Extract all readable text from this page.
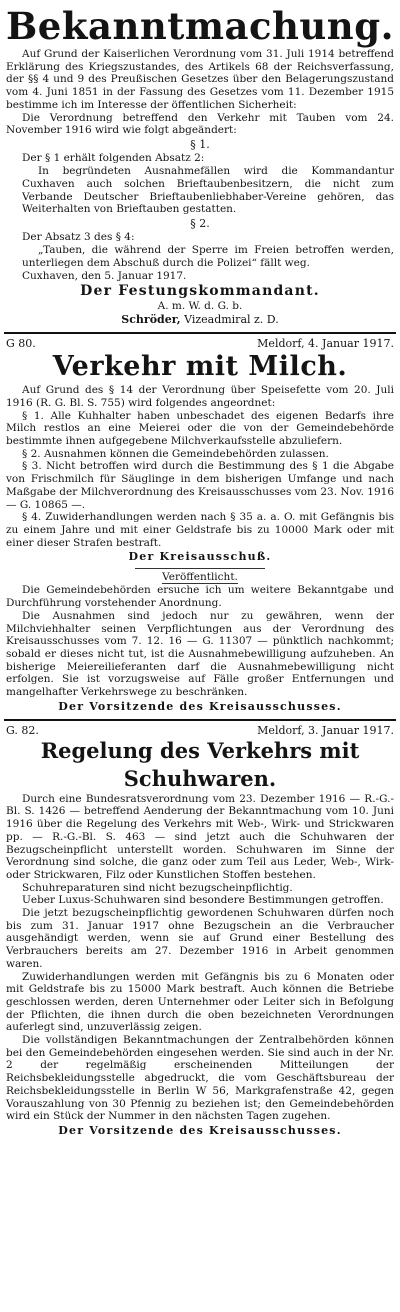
Bekanntmachung.

Auf Grund der Kaiserlichen Verordnung vom 31. Juli 1914 betreffend Erklärung des Kriegszustandes, des Artikels 68 der Reichsverfassung, der §§ 4 und 9 des Preußischen Gesetzes über den Belagerungszustand vom 4. Juni 1851 in der Fassung des Gesetzes vom 11. Dezember 1915 bestimme ich im Interesse der öffentlichen Sicherheit:

Die Verordnung betreffend den Verkehr mit Tauben vom 24. November 1916 wird wie folgt abgeändert:

§ 1.

Der § 1 erhält folgenden Absatz 2:

In begründeten Ausnahmefällen wird die Kommandantur Cuxhaven auch solchen Brieftaubenbesitzern, die nicht zum Verbande Deutscher Brieftaubenliebhaber-Vereine gehören, das Weiterhalten von Brieftauben gestatten.

§ 2.

Der Absatz 3 des § 4:

„Tauben, die während der Sperre im Freien betroffen werden, unterliegen dem Abschuß durch die Polizei“ fällt weg.

Cuxhaven, den 5. Januar 1917.

Der Festungskommandant.
A. m. W. d. G. b.
Schröder, Vizeadmiral z. D.
G 80.	Meldorf, 4. Januar 1917.
Verkehr mit Milch.

Auf Grund des § 14 der Verordnung über Speisefette vom 20. Juli 1916 (R. G. Bl. S. 755) wird folgendes angeordnet:

§ 1. Alle Kuhhalter haben unbeschadet des eigenen Bedarfs ihre Milch restlos an eine Meierei oder die von der Gemeindebehörde bestimmte ihnen aufgegebene Milchverkaufsstelle abzuliefern.

§ 2. Ausnahmen können die Gemeindebehörden zulassen.

§ 3. Nicht betroffen wird durch die Bestimmung des § 1 die Abgabe von Frischmilch für Säuglinge in dem bisherigen Umfange und nach Maßgabe der Milchverordnung des Kreisausschusses vom 23. Nov. 1916 — G. 10865 —.

§ 4. Zuwiderhandlungen werden nach § 35 a. a. O. mit Gefängnis bis zu einem Jahre und mit einer Geldstrafe bis zu 10000 Mark oder mit einer dieser Strafen bestraft.

Der Kreisausschuß.
Veröffentlicht.

Die Gemeindebehörden ersuche ich um weitere Bekanntgabe und Durchführung vorstehender Anordnung.

Die Ausnahmen sind jedoch nur zu gewähren, wenn der Milchviehhalter seinen Verpflichtungen aus der Verordnung des Kreisausschusses vom 7. 12. 16 — G. 11307 — pünktlich nachkommt; sobald er dieses nicht tut, ist die Ausnahmebewilligung aufzuheben. An bisherige Meiereilieferanten darf die Ausnahmebewilligung nicht erfolgen. Sie ist vorzugsweise auf Fälle großer Entfernungen und mangelhafter Verkehrswege zu beschränken.

Der Vorsitzende des Kreisausschusses.
G. 82.	Meldorf, 3. Januar 1917.
Regelung des Verkehrs mit Schuhwaren.

Durch eine Bundesratsverordnung vom 23. Dezember 1916 — R.-G.-Bl. S. 1426 — betreffend Aenderung der Bekanntmachung vom 10. Juni 1916 über die Regelung des Verkehrs mit Web-, Wirk- und Strickwaren pp. — R.-G.-Bl. S. 463 — sind jetzt auch die Schuhwaren der Bezugscheinpflicht unterstellt worden. Schuhwaren im Sinne der Verordnung sind solche, die ganz oder zum Teil aus Leder, Web-, Wirk- oder Strickwaren, Filz oder Kunstlichen Stoffen bestehen.

Schuhreparaturen sind nicht bezugscheinpflichtig.

Ueber Luxus-Schuhwaren sind besondere Bestimmungen getroffen.

Die jetzt bezugscheinpflichtig gewordenen Schuhwaren dürfen noch bis zum 31. Januar 1917 ohne Bezugschein an die Verbraucher ausgehändigt werden, wenn sie auf Grund einer Bestellung des Verbrauchers bereits am 27. Dezember 1916 in Arbeit genommen waren.

Zuwiderhandlungen werden mit Gefängnis bis zu 6 Monaten oder mit Geldstrafe bis zu 15000 Mark bestraft. Auch können die Betriebe geschlossen werden, deren Unternehmer oder Leiter sich in Befolgung der Pflichten, die ihnen durch die oben bezeichneten Verordnungen auferlegt sind, unzuverlässig zeigen.

Die vollständigen Bekanntmachungen der Zentralbehörden können bei den Gemeindebehörden eingesehen werden. Sie sind auch in der Nr. 2 der regelmäßig erscheinenden Mitteilungen der Reichsbekleidungsstelle abgedruckt, die vom Geschäftsbureau der Reichsbekleidungsstelle in Berlin W 56, Markgrafenstraße 42, gegen Vorauszahlung von 30 Pfennig zu beziehen ist; den Gemeindebehörden wird ein Stück der Nummer in den nächsten Tagen zugehen.

Der Vorsitzende des Kreisausschusses.
